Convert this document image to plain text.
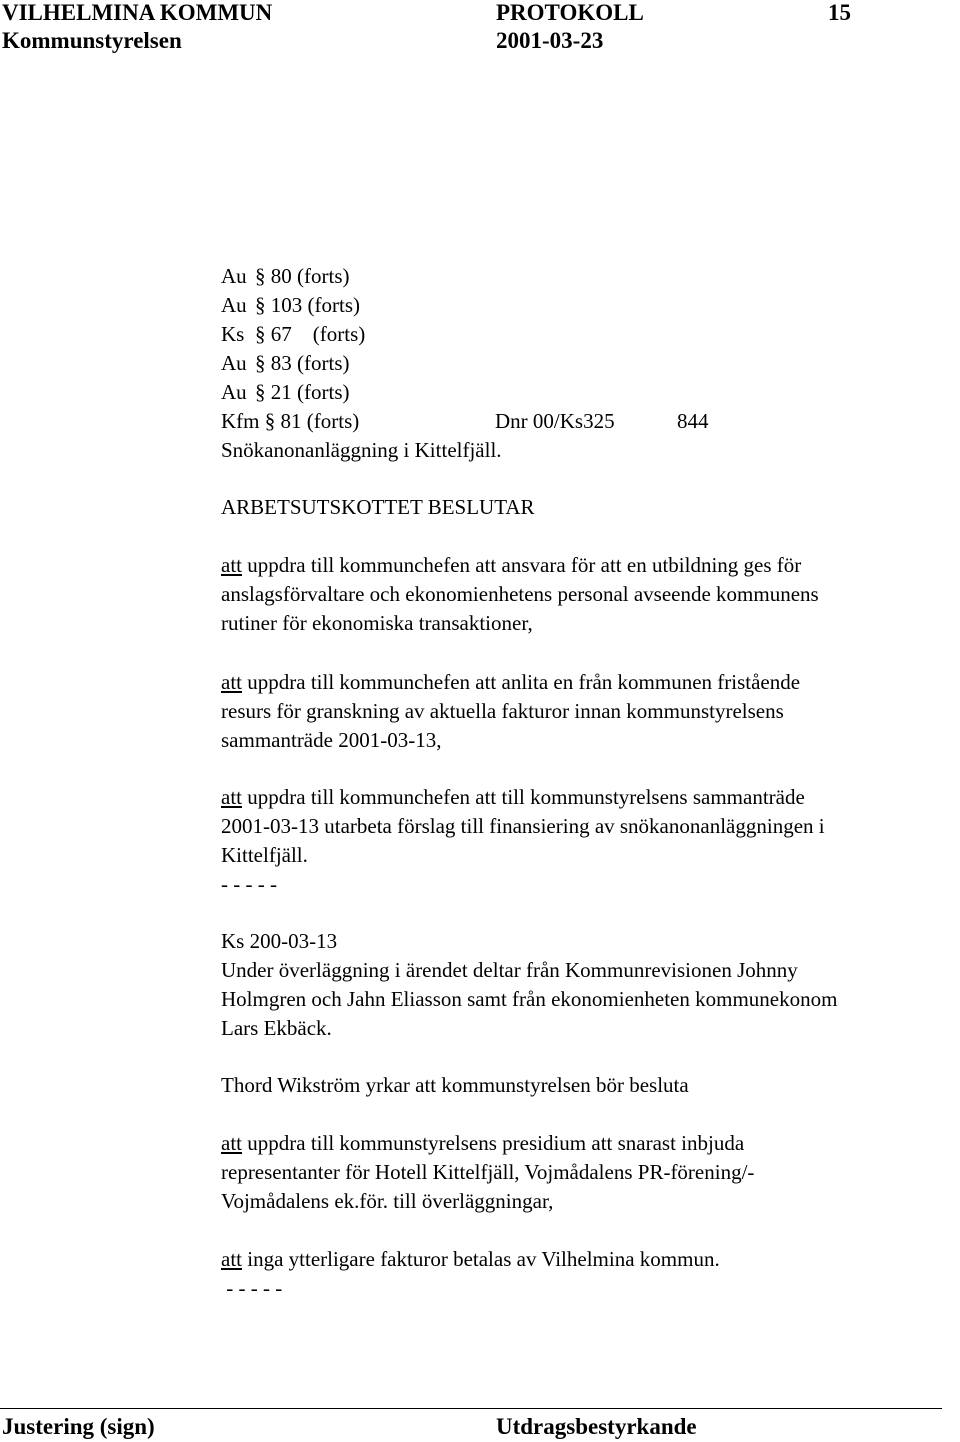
VILHELMINA KOMMUN	PROTOKOLL	15
Kommunstyrelsen	2001-03-23
Au § 80 (forts)
Au § 103 (forts)
Ks § 67    (forts)
Au § 83 (forts)
Au § 21 (forts)
Kfm § 81 (forts)	Dnr 00/Ks325	844
Snökanonanläggning i Kittelfjäll.
ARBETSUTSKOTTET BESLUTAR
att uppdra till kommunchefen att ansvara för att en utbildning ges för
anslagsförvaltare och ekonomienhetens personal avseende kommunens
rutiner för ekonomiska transaktioner,
att uppdra till kommunchefen att anlita en från kommunen fristående
resurs för granskning av aktuella fakturor innan kommunstyrelsens
sammanträde 2001-03-13,
att uppdra till kommunchefen att till kommunstyrelsens sammanträde
2001-03-13 utarbeta förslag till finansiering av snökanonanläggningen i
Kittelfjäll.
- - - - -
Ks 200-03-13
Under överläggning i ärendet deltar från Kommunrevisionen Johnny
Holmgren och Jahn Eliasson samt från ekonomienheten kommunekonom
Lars Ekbäck.
Thord Wikström yrkar att kommunstyrelsen bör besluta
att uppdra till kommunstyrelsens presidium att snarast inbjuda
representanter för Hotell Kittelfjäll, Vojmådalens PR-förening/-
Vojmådalens ek.för. till överläggningar,
att inga ytterligare fakturor betalas av Vilhelmina kommun.
- - - - -
Justering (sign)	Utdragsbestyrkande
